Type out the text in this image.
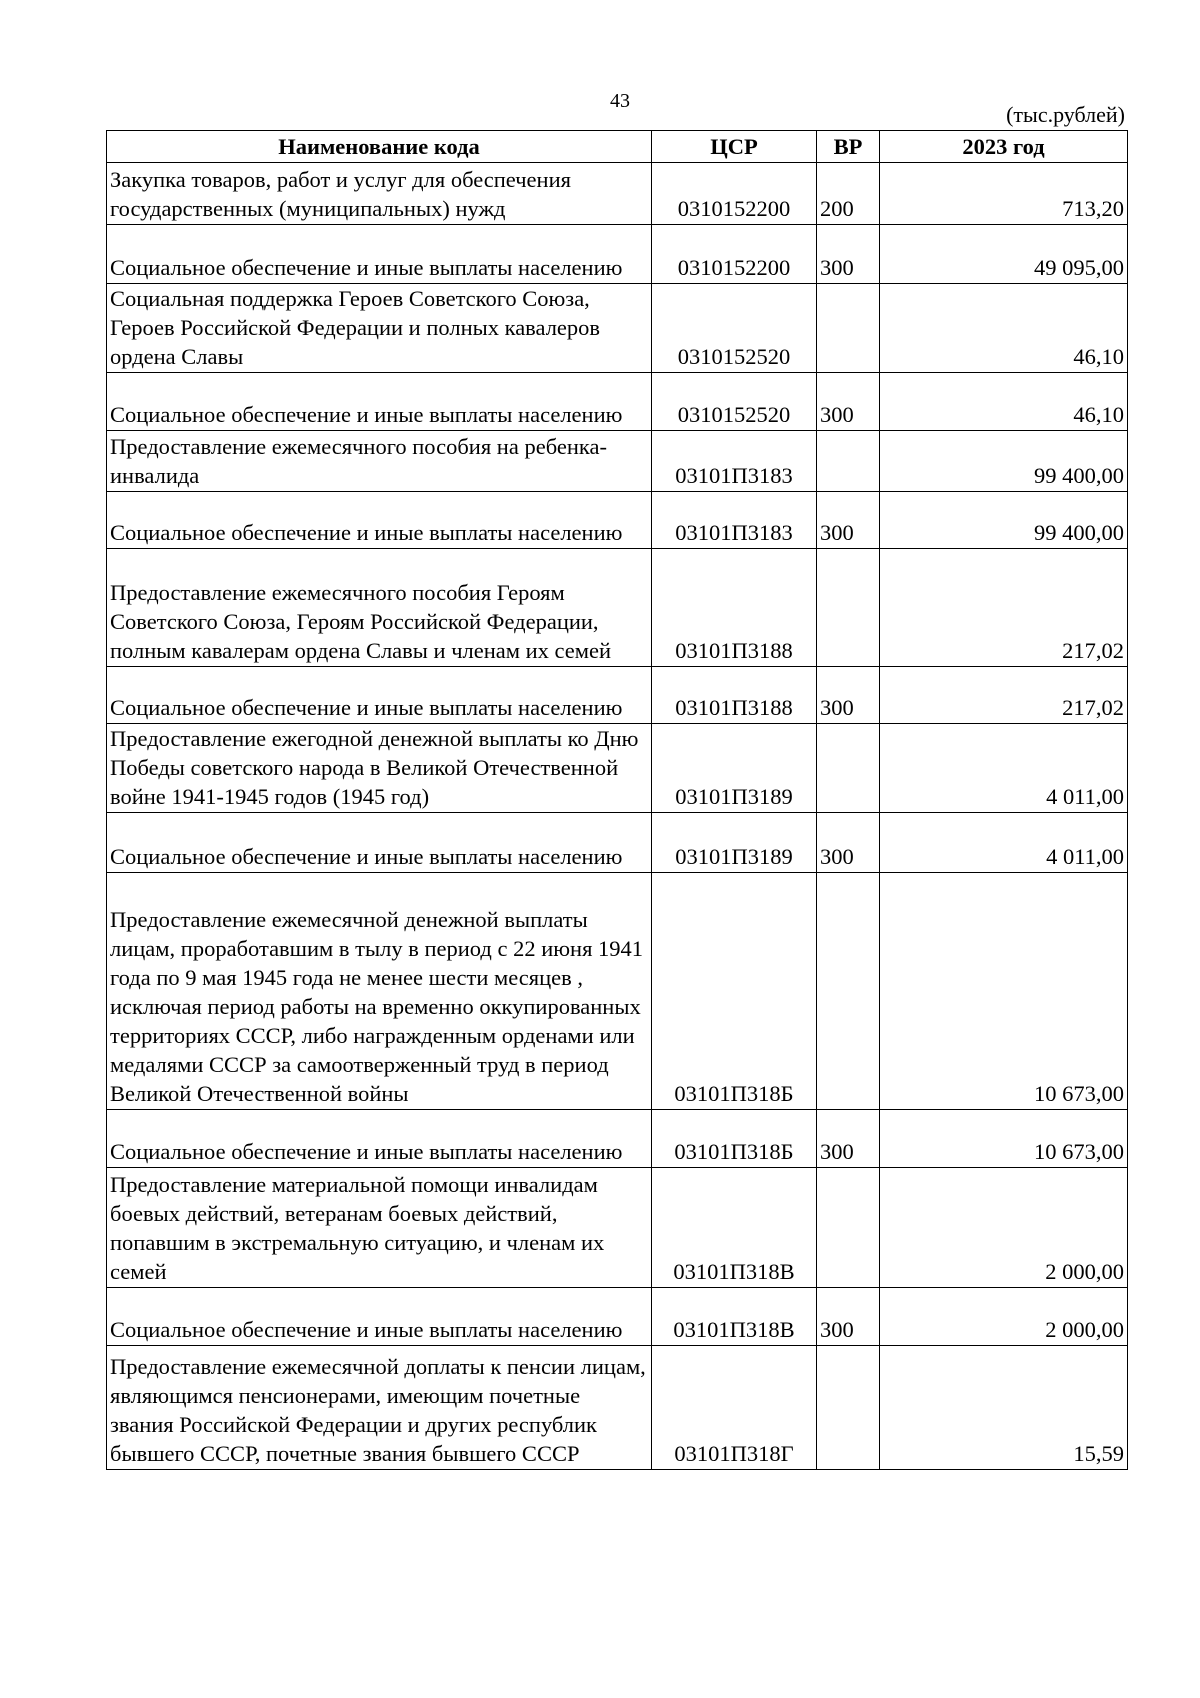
43
(тыс.рублей)
Наименование кода	ЦСР	ВР	2023 год
Закупка товаров, работ и услуг для обеспечения государственных (муниципальных) нужд	0310152200	200	713,20
Социальное обеспечение и иные выплаты населению	0310152200	300	49 095,00
Социальная поддержка Героев Советского Союза, Героев Российской Федерации и полных кавалеров ордена Славы	0310152520		46,10
Социальное обеспечение и иные выплаты населению	0310152520	300	46,10
Предоставление ежемесячного пособия на ребенка-инвалида	03101П3183		99 400,00
Социальное обеспечение и иные выплаты населению	03101П3183	300	99 400,00
Предоставление ежемесячного пособия Героям Советского Союза, Героям Российской Федерации, полным кавалерам ордена Славы и членам их семей	03101П3188		217,02
Социальное обеспечение и иные выплаты населению	03101П3188	300	217,02
Предоставление ежегодной денежной выплаты ко Дню Победы советского народа в Великой Отечественной войне 1941-1945 годов (1945 год)	03101П3189		4 011,00
Социальное обеспечение и иные выплаты населению	03101П3189	300	4 011,00
Предоставление ежемесячной денежной выплаты лицам, проработавшим в тылу в период с 22 июня 1941 года по 9 мая 1945 года не менее шести месяцев , исключая период работы на временно оккупированных территориях СССР, либо награжденным орденами или медалями СССР за самоотверженный труд в период Великой Отечественной войны	03101П318Б		10 673,00
Социальное обеспечение и иные выплаты населению	03101П318Б	300	10 673,00
Предоставление материальной помощи инвалидам боевых действий, ветеранам боевых действий, попавшим в экстремальную ситуацию, и членам их семей	03101П318В		2 000,00
Социальное обеспечение и иные выплаты населению	03101П318В	300	2 000,00
Предоставление ежемесячной доплаты к пенсии лицам, являющимся пенсионерами, имеющим почетные звания Российской Федерации и других республик бывшего СССР, почетные звания бывшего СССР	03101П318Г		15,59
